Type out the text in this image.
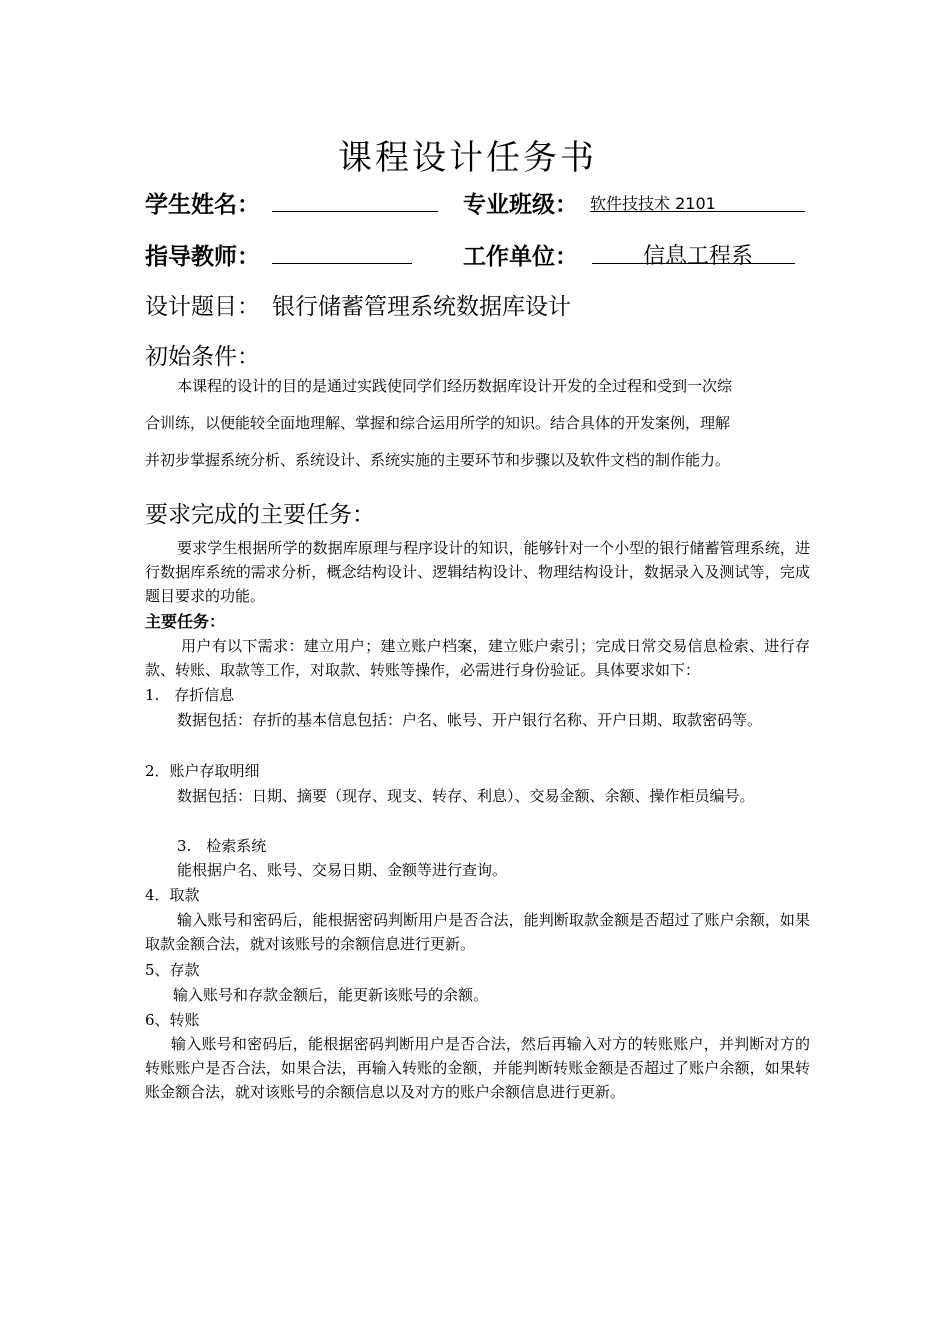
课程设计任务书
学生姓名：	专业班级： 软件技技术 2101
指导教师：	工作单位：	信息工程系
设计题目： 银行储蓄管理系统数据库设计
初始条件：
本课程的设计的目的是通过实践使同学们经历数据库设计开发的全过程和受到一次综
合训练，以便能较全面地理解、掌握和综合运用所学的知识。结合具体的开发案例，理解
并初步掌握系统分析、系统设计、系统实施的主要环节和步骤以及软件文档的制作能力。
要求完成的主要任务：
要求学生根据所学的数据库原理与程序设计的知识，能够针对一个小型的银行储蓄管理系统，进行数据库系统的需求分析，概念结构设计、逻辑结构设计、物理结构设计，数据录入及测试等，完成题目要求的功能。
主要任务：
用户有以下需求：建立用户；建立账户档案，建立账户索引；完成日常交易信息检索、进行存款、转账、取款等工作，对取款、转账等操作，必需进行身份验证。具体要求如下：
1.　存折信息
数据包括：存折的基本信息包括：户名、帐号、开户银行名称、开户日期、取款密码等。
2．账户存取明细
数据包括：日期、摘要（现存、现支、转存、利息）、交易金额、余额、操作柜员编号。
3.　检索系统
能根据户名、账号、交易日期、金额等进行查询。
4．取款
输入账号和密码后，能根据密码判断用户是否合法，能判断取款金额是否超过了账户余额，如果取款金额合法，就对该账号的余额信息进行更新。
5、存款
输入账号和存款金额后，能更新该账号的余额。
6、转账
输入账号和密码后，能根据密码判断用户是否合法，然后再输入对方的转账账户，并判断对方的转账账户是否合法，如果合法，再输入转账的金额，并能判断转账金额是否超过了账户余额，如果转账金额合法，就对该账号的余额信息以及对方的账户余额信息进行更新。
